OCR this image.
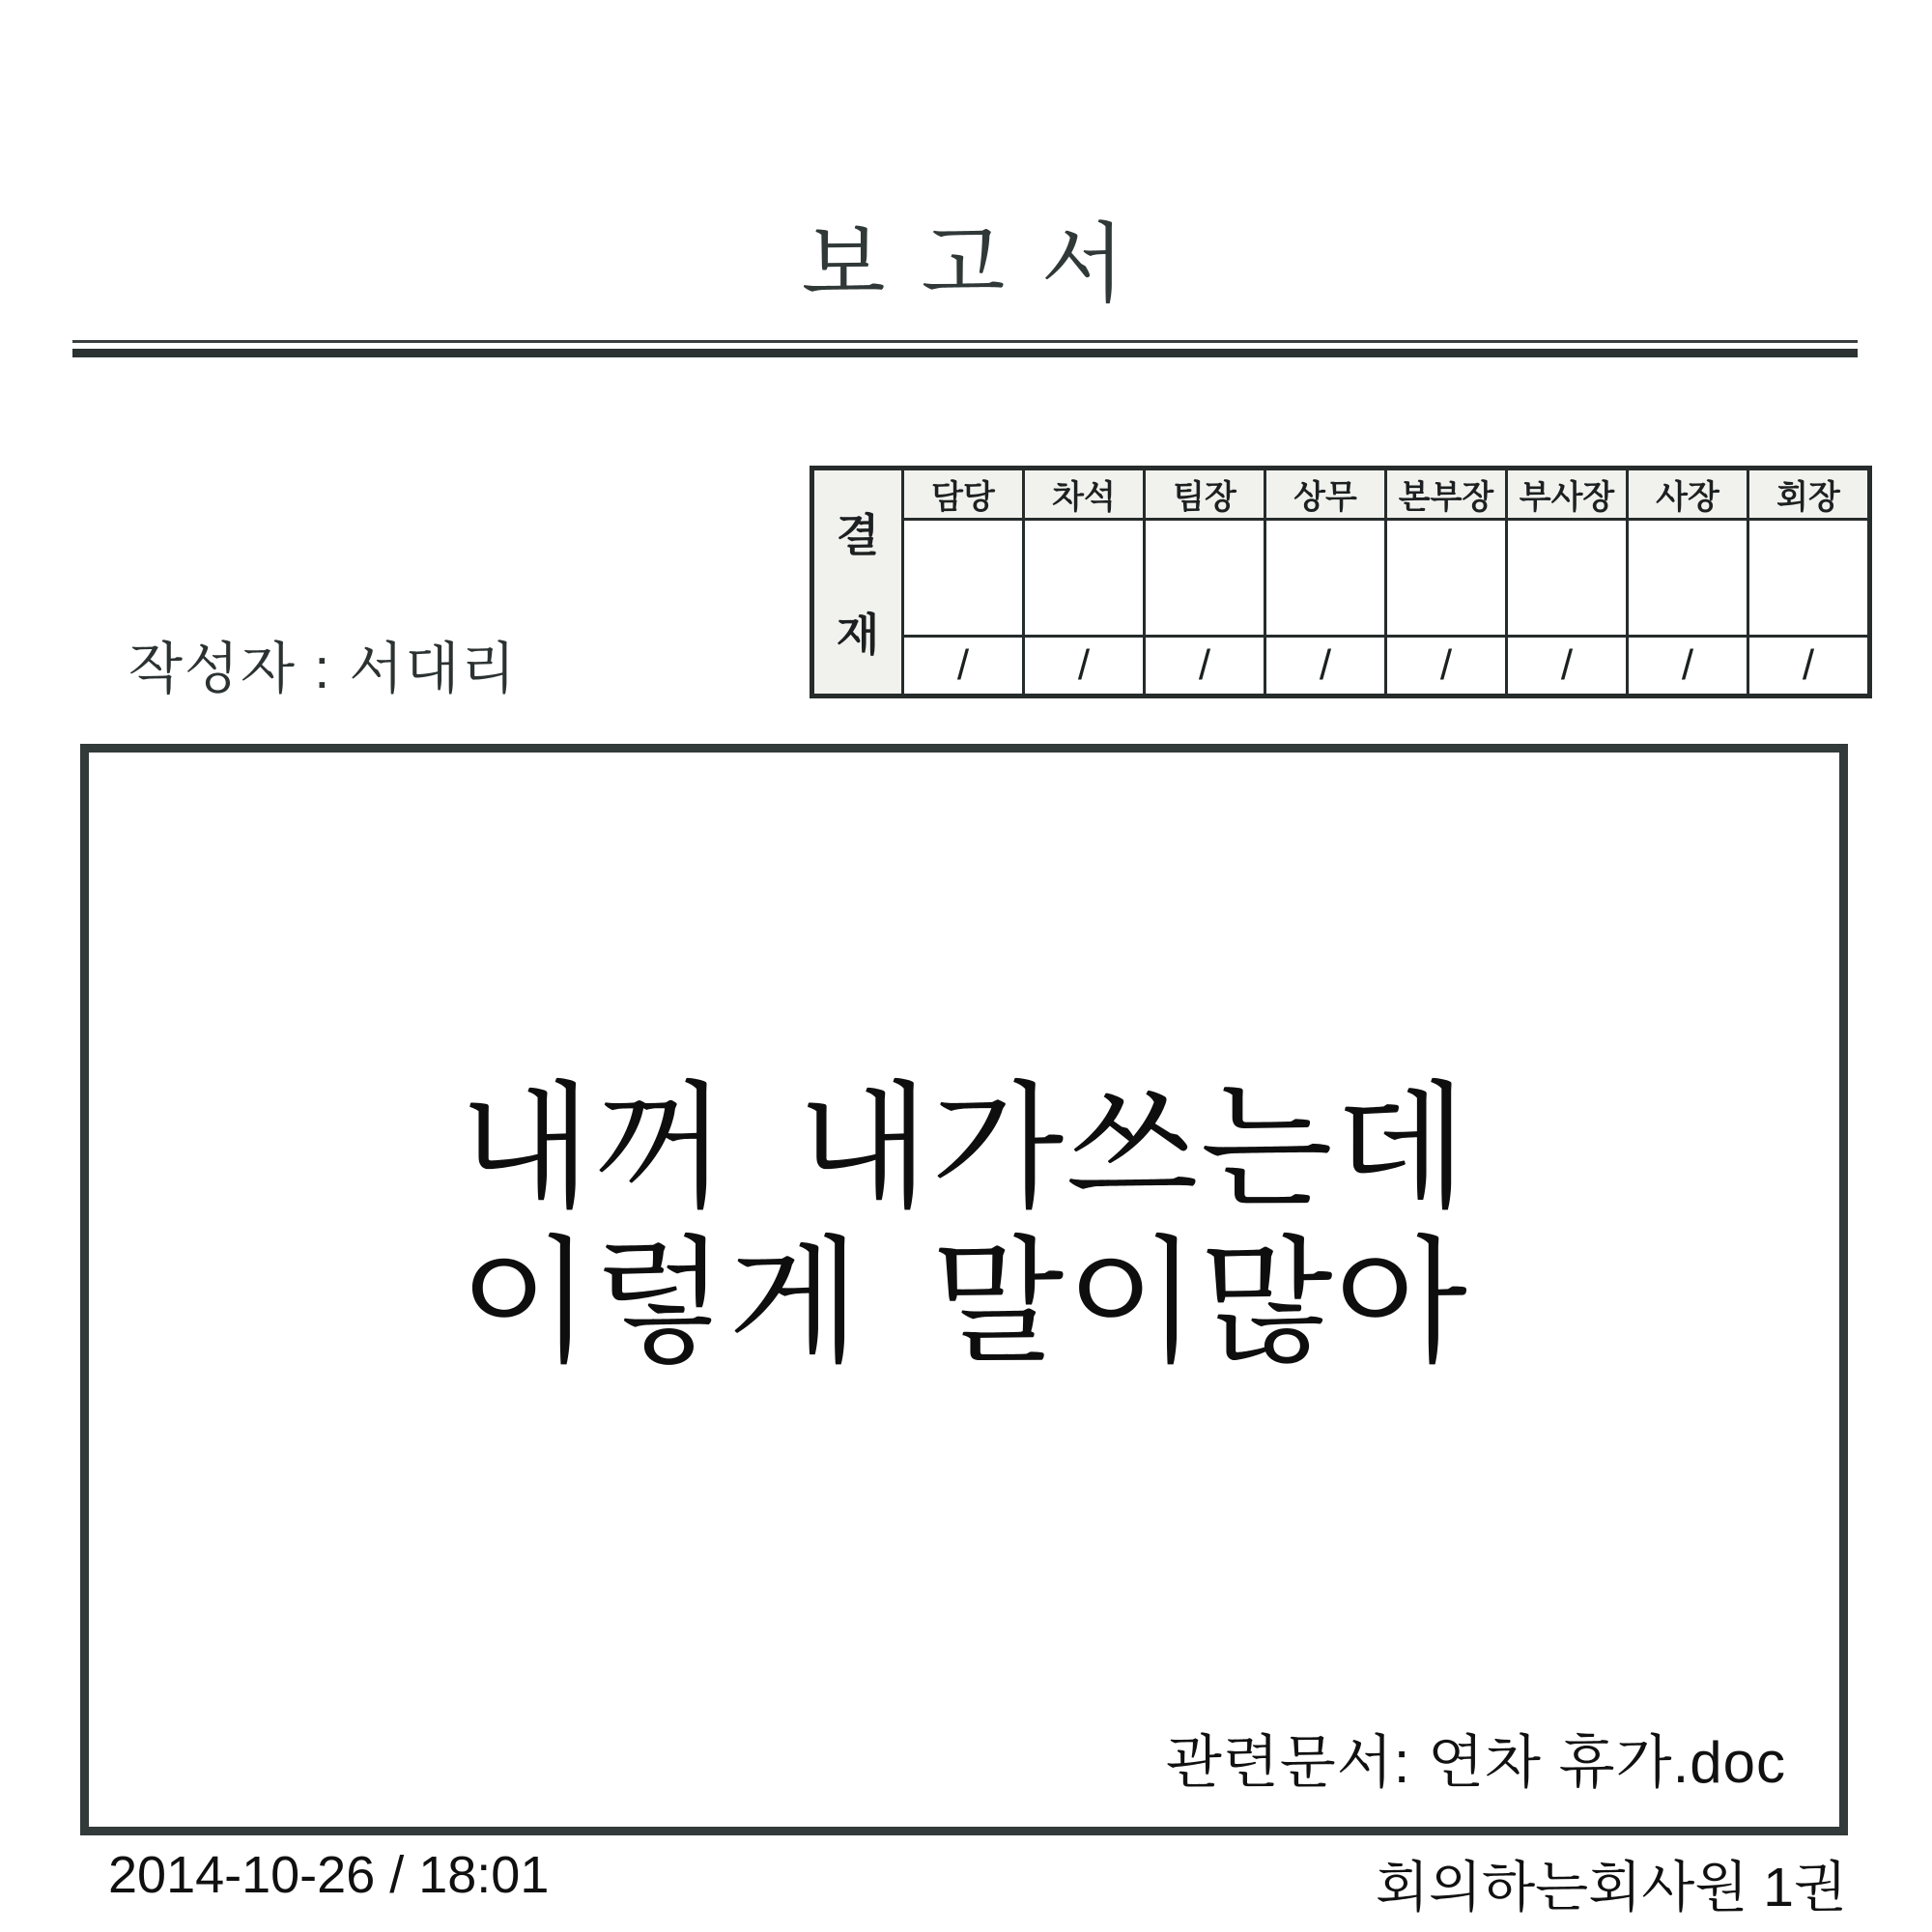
보 고 서
결
재	담당	차석	팀장	상무	본부장	부사장	사장	회장

	/	/	/	/	/	/	/	/
작성자 : 서대리
내꺼 내가쓰는데
이렇게 말이많아
관련문서: 연차 휴가.doc
2014-10-26 / 18:01	회의하는회사원 1권
